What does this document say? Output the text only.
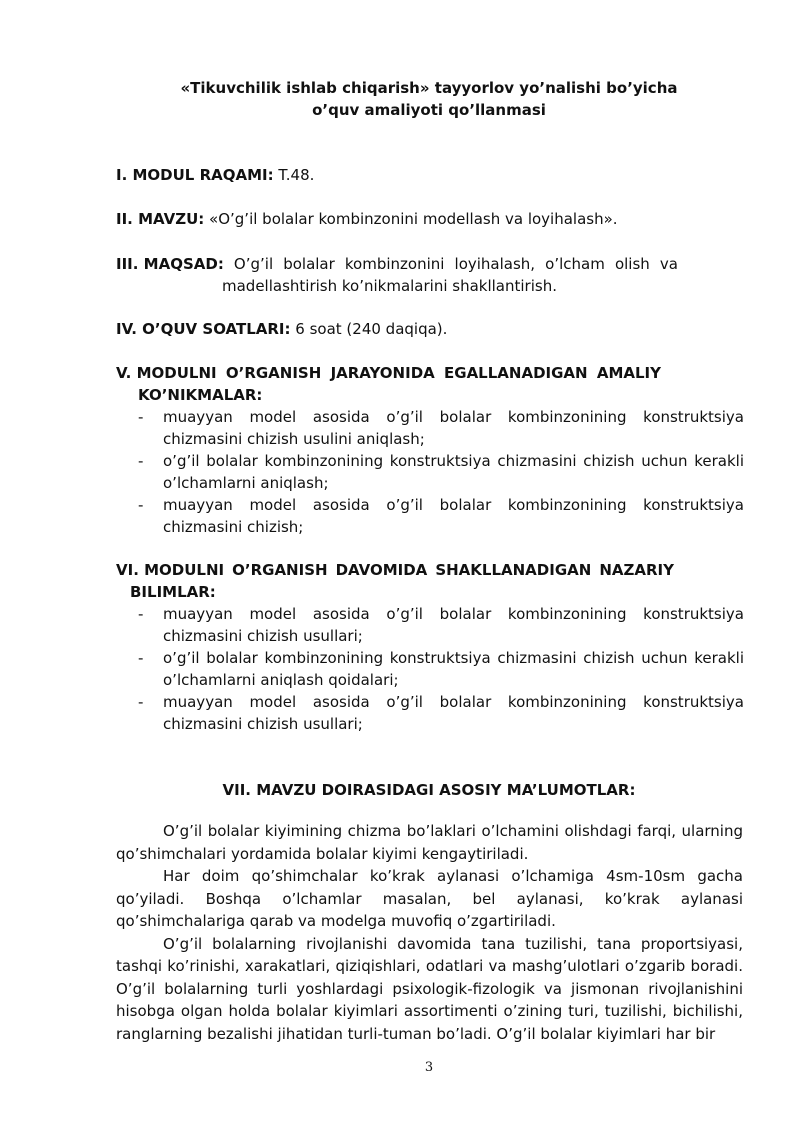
«Tikuvchilik ishlab chiqarish» tayyorlov yo’nalishi bo’yicha
o’quv amaliyoti qo’llanmasi
I. MODUL RAQAMI: T.48.
II. MAVZU: «O’g’il bolalar kombinzonini modellash va loyihalash».
III. MAQSAD: O’g’il bolalar kombinzonini loyihalash, o’lcham olish va
madellashtirish ko’nikmalarini shakllantirish.
IV. O’QUV SOATLARI: 6 soat (240 daqiqa).
V. MODULNI O’RGANISH JARAYONIDA EGALLANADIGAN AMALIY
KO’NIKMALAR:
- muayyan model asosida o’g’il bolalar kombinzonining konstruktsiya chizmasini chizish usulini aniqlash;
- o’g’il bolalar kombinzonining konstruktsiya chizmasini chizish uchun kerakli o’lchamlarni aniqlash;
- muayyan model asosida o’g’il bolalar kombinzonining konstruktsiya chizmasini chizish;
VI. MODULNI O’RGANISH DAVOMIDA SHAKLLANADIGAN NAZARIY
BILIMLAR:
- muayyan model asosida o’g’il bolalar kombinzonining konstruktsiya chizmasini chizish usullari;
- o’g’il bolalar kombinzonining konstruktsiya chizmasini chizish uchun kerakli o’lchamlarni aniqlash qoidalari;
- muayyan model asosida o’g’il bolalar kombinzonining konstruktsiya chizmasini chizish usullari;
VII. MAVZU DOIRASIDAGI ASOSIY MA’LUMOTLAR:

O’g’il bolalar kiyimining chizma bo’laklari o’lchamini olishdagi farqi, ularning qo’shimchalari yordamida bolalar kiyimi kengaytiriladi.

Har doim qo’shimchalar ko’krak aylanasi o’lchamiga 4sm-10sm gacha qo’yiladi. Boshqa o’lchamlar masalan, bel aylanasi, ko’krak aylanasi qo’shimchalariga qarab va modelga muvofiq o’zgartiriladi.

O’g’il bolalarning rivojlanishi davomida tana tuzilishi, tana proportsiyasi, tashqi ko’rinishi, xarakatlari, qiziqishlari, odatlari va mashg’ulotlari o’zgarib boradi. O’g’il bolalarning turli yoshlardagi psixologik-fizologik va jismonan rivojlanishini hisobga olgan holda bolalar kiyimlari assortimenti o’zining turi, tuzilishi, bichilishi, ranglarning bezalishi jihatidan turli-tuman bo’ladi. O’g’il bolalar kiyimlari har bir

3
